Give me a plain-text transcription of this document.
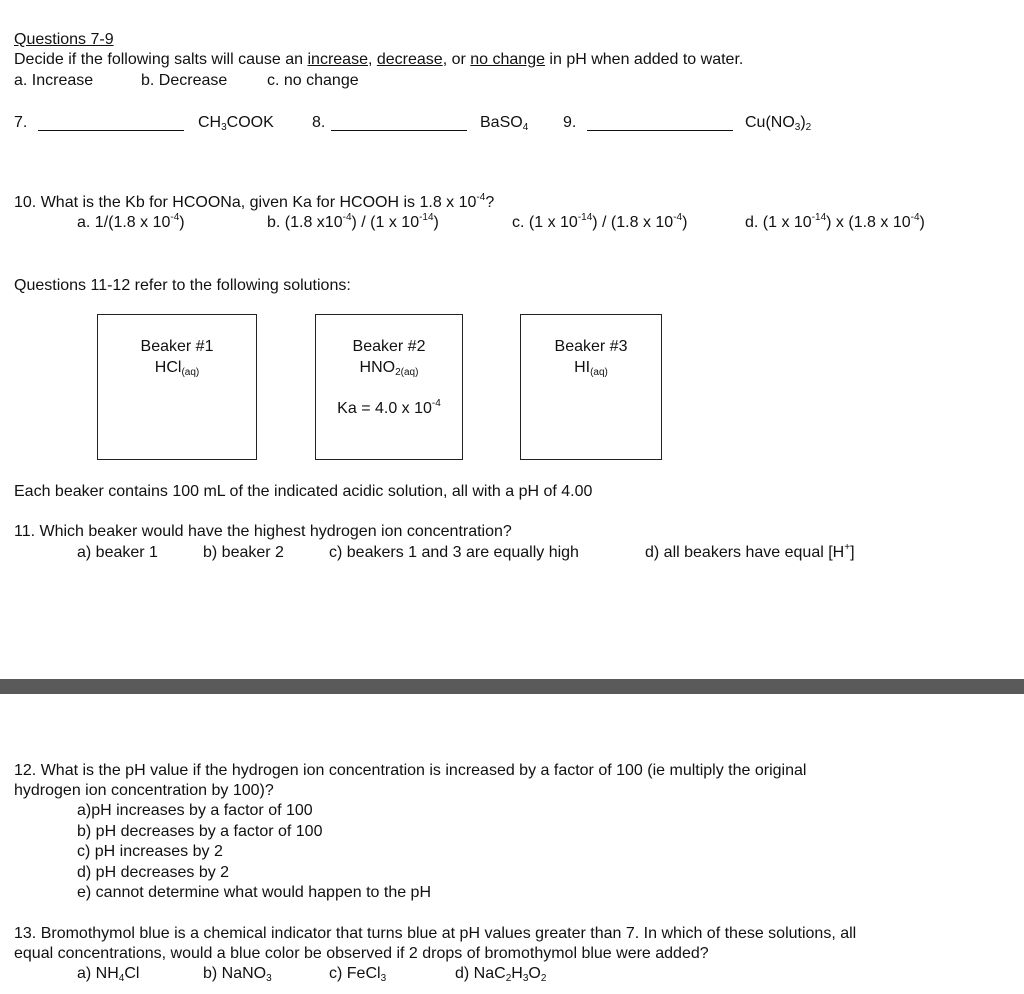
Questions 7-9
Decide if the following salts will cause an increase, decrease, or no change in pH when added to water.
a. Increase	b. Decrease c. no change
7.	$CH_3COOK$ 8.	BaSO$_4$ 9.	$Cu(NO_3)_2$
10. What is the Kb for HCOONa, given Ka for HCOOH is 1.8 x $10^{-4}$?
a. 1/(1.8 x $10^{-4}$)	b. (1.8 $x10^{-4}) / (1$ x $10^{-14}$)	c. (1 x $10^{-14}) / (1.8$ x $10^{-4}$)	d. (1 x $10^{-14}$) x (1.8 x $10^{-4}$)
Questions 11-12 refer to the following solutions:
Beaker #1
HCl$_{(aq)}$
Beaker #2
$HNO_{2(aq)}$
Ka = 4.0 x $10^{-4}$
Beaker #3
$HI_{(aq)}$
Each beaker contains 100 mL of the indicated acidic solution, all with a pH of 4.00
11. Which beaker would have the highest hydrogen ion concentration?
a) beaker 1	b) beaker 2	c) beakers 1 and 3 are equally high	d) all beakers have equal [H+]
12. What is the pH value if the hydrogen ion concentration is increased by a factor of 100 (ie multiply the original
hydrogen ion concentration by 100)?
a)pH increases by a factor of 100
b) pH decreases by a factor of 100
c) pH increases by 2
d) pH decreases by 2
e) cannot determine what would happen to the pH
13. Bromothymol blue is a chemical indicator that turns blue at pH values greater than 7. In which of these solutions, all
equal concentrations, would a blue color be observed if 2 drops of bromothymol blue were added?
a) $NH_4Cl$	b) NaNO$_3$	c) FeCl$_3$	d) $NaC_2H_3O_2$
